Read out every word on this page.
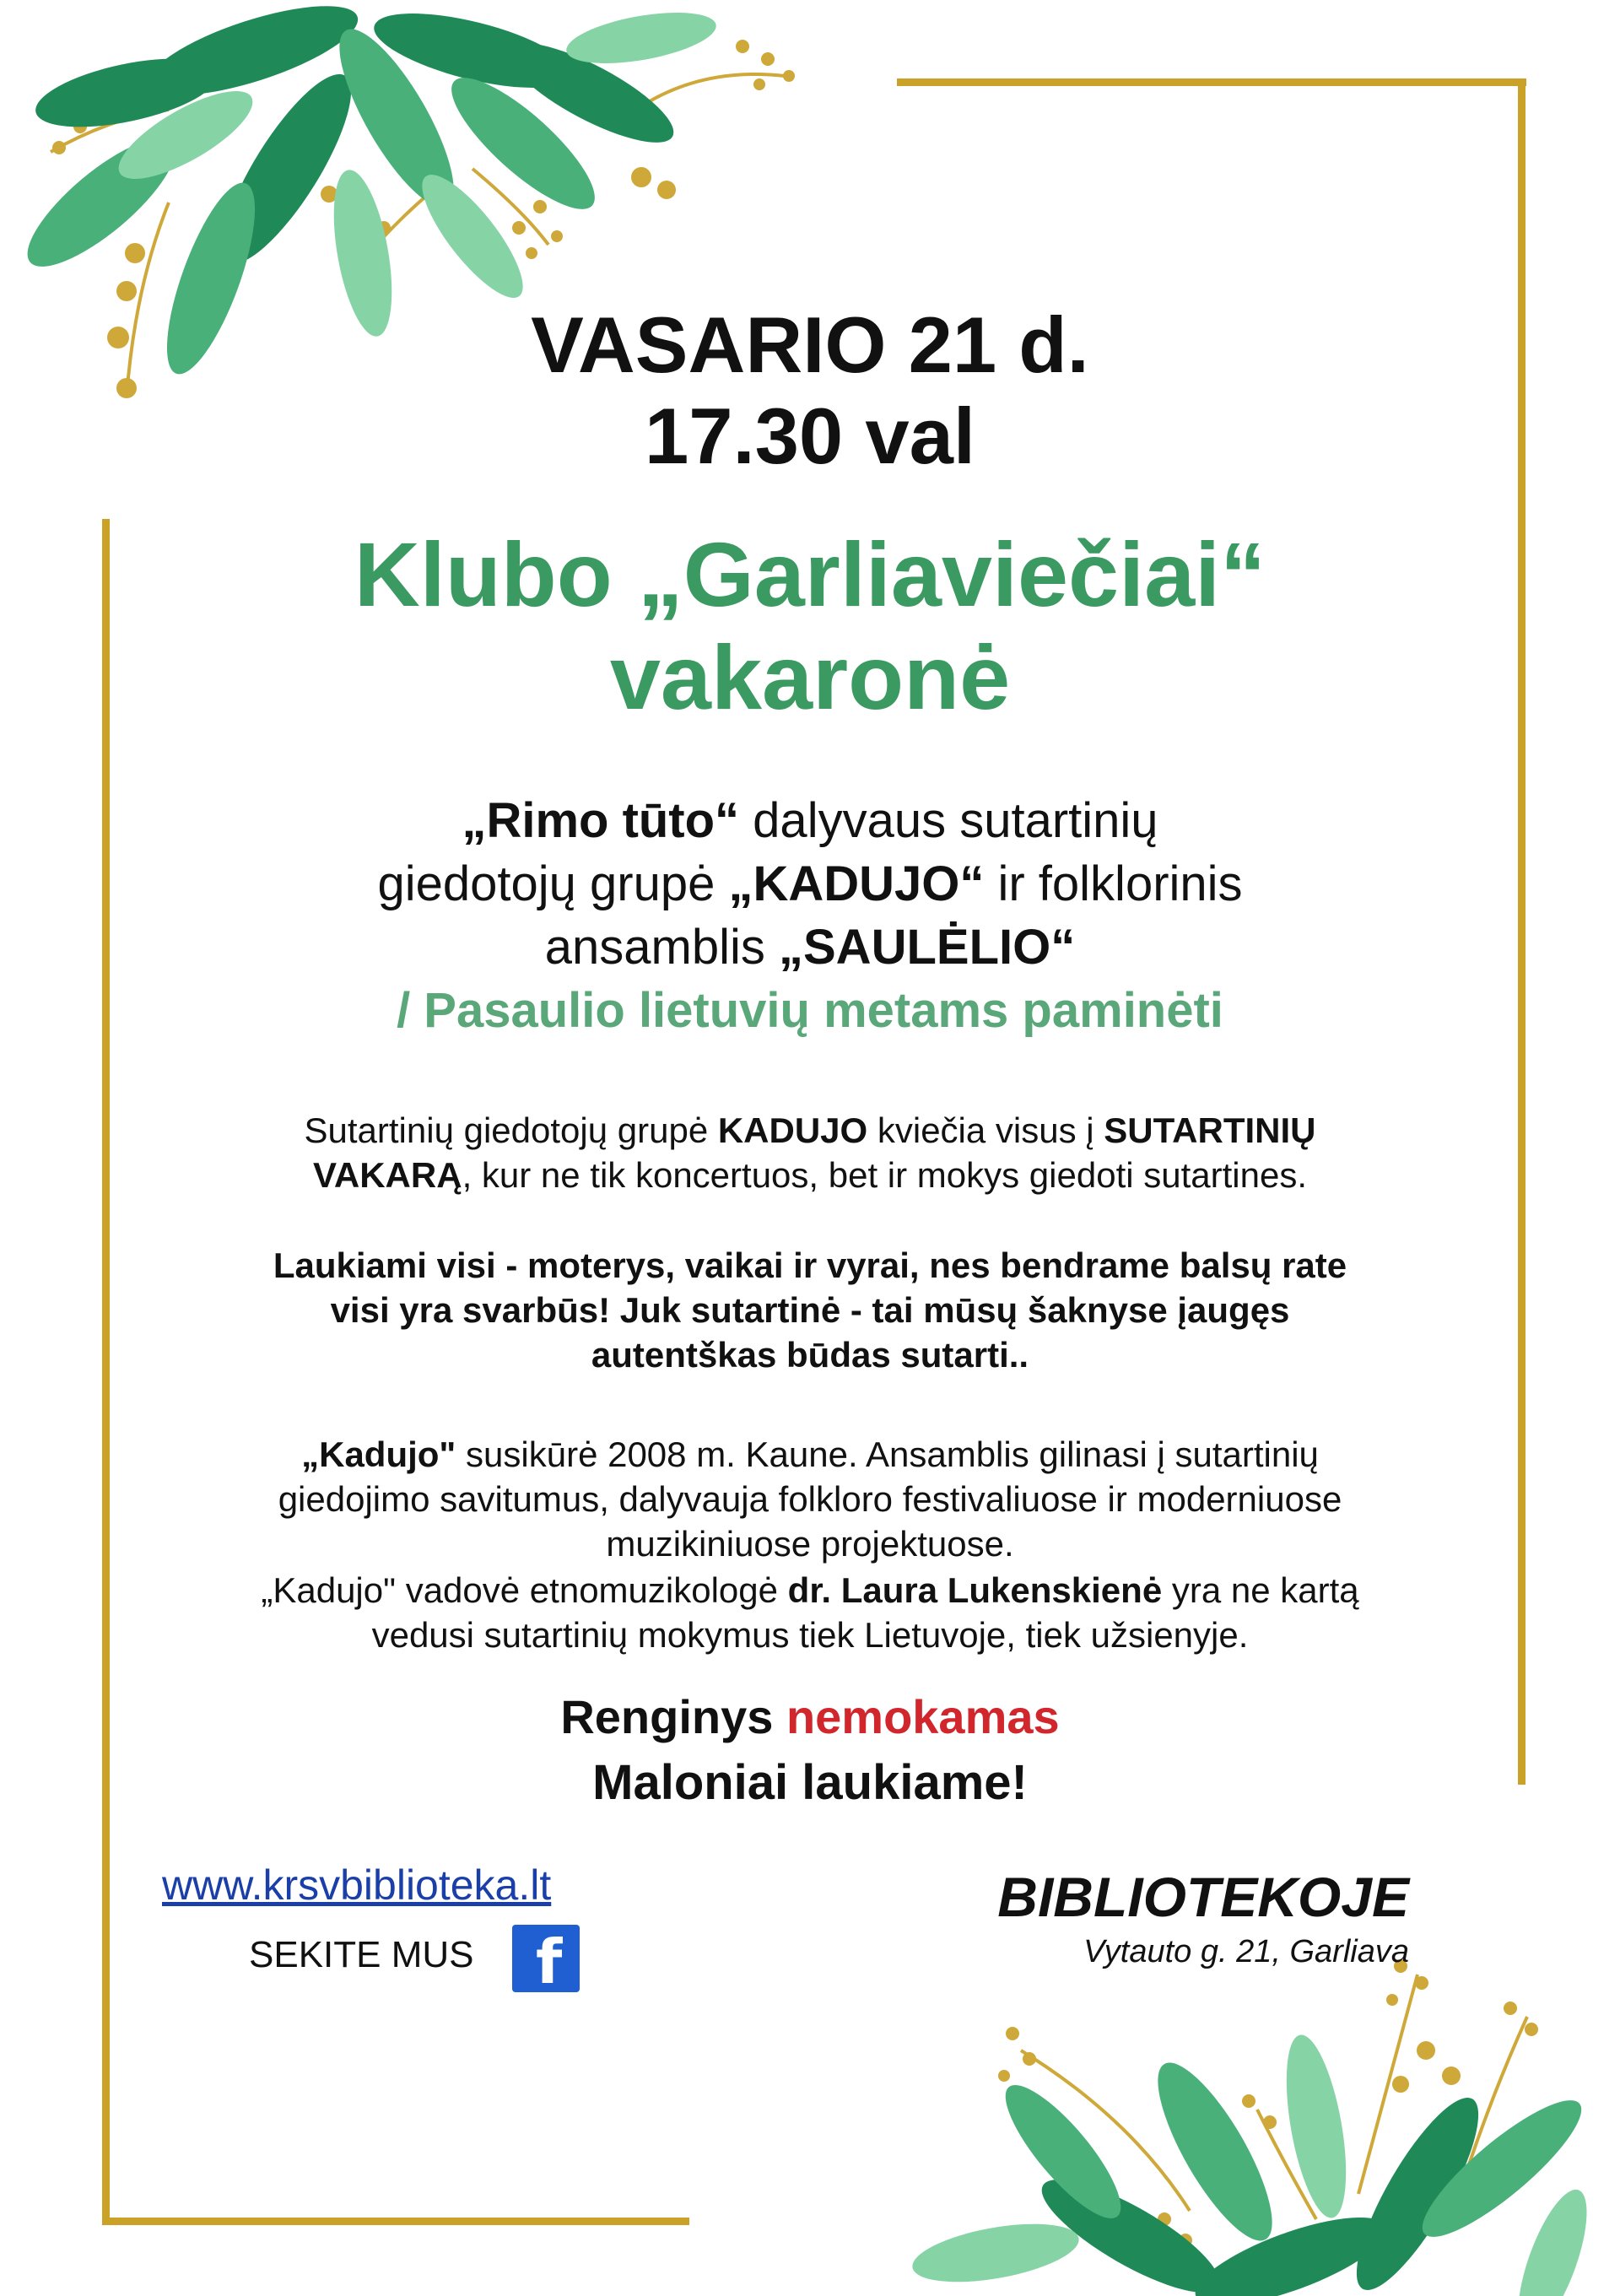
VASARIO 21 d.
17.30 val
Klubo „Garliaviečiai“
vakaronė
„Rimo tūto“ dalyvaus sutartinių
giedotojų grupė „KADUJO“ ir folklorinis
ansamblis „SAULĖLIO“
/ Pasaulio lietuvių metams paminėti
Sutartinių giedotojų grupė KADUJO kviečia visus į SUTARTINIŲ
VAKARĄ, kur ne tik koncertuos, bet ir mokys giedoti sutartines.
Laukiami visi - moterys, vaikai ir vyrai, nes bendrame balsų rate
visi yra svarbūs! Juk sutartinė - tai mūsų šaknyse įaugęs
autentškas būdas sutarti..
„Kadujo" susikūrė 2008 m. Kaune. Ansamblis gilinasi į sutartinių
giedojimo savitumus, dalyvauja folkloro festivaliuose ir moderniuose
muzikiniuose projektuose.
„Kadujo" vadovė etnomuzikologė dr. Laura Lukenskienė yra ne kartą
vedusi sutartinių mokymus tiek Lietuvoje, tiek užsienyje.
Renginys nemokamas
Maloniai laukiame!
www.krsvbiblioteka.lt
SEKITE MUS f
BIBLIOTEKOJE
Vytauto g. 21, Garliava
